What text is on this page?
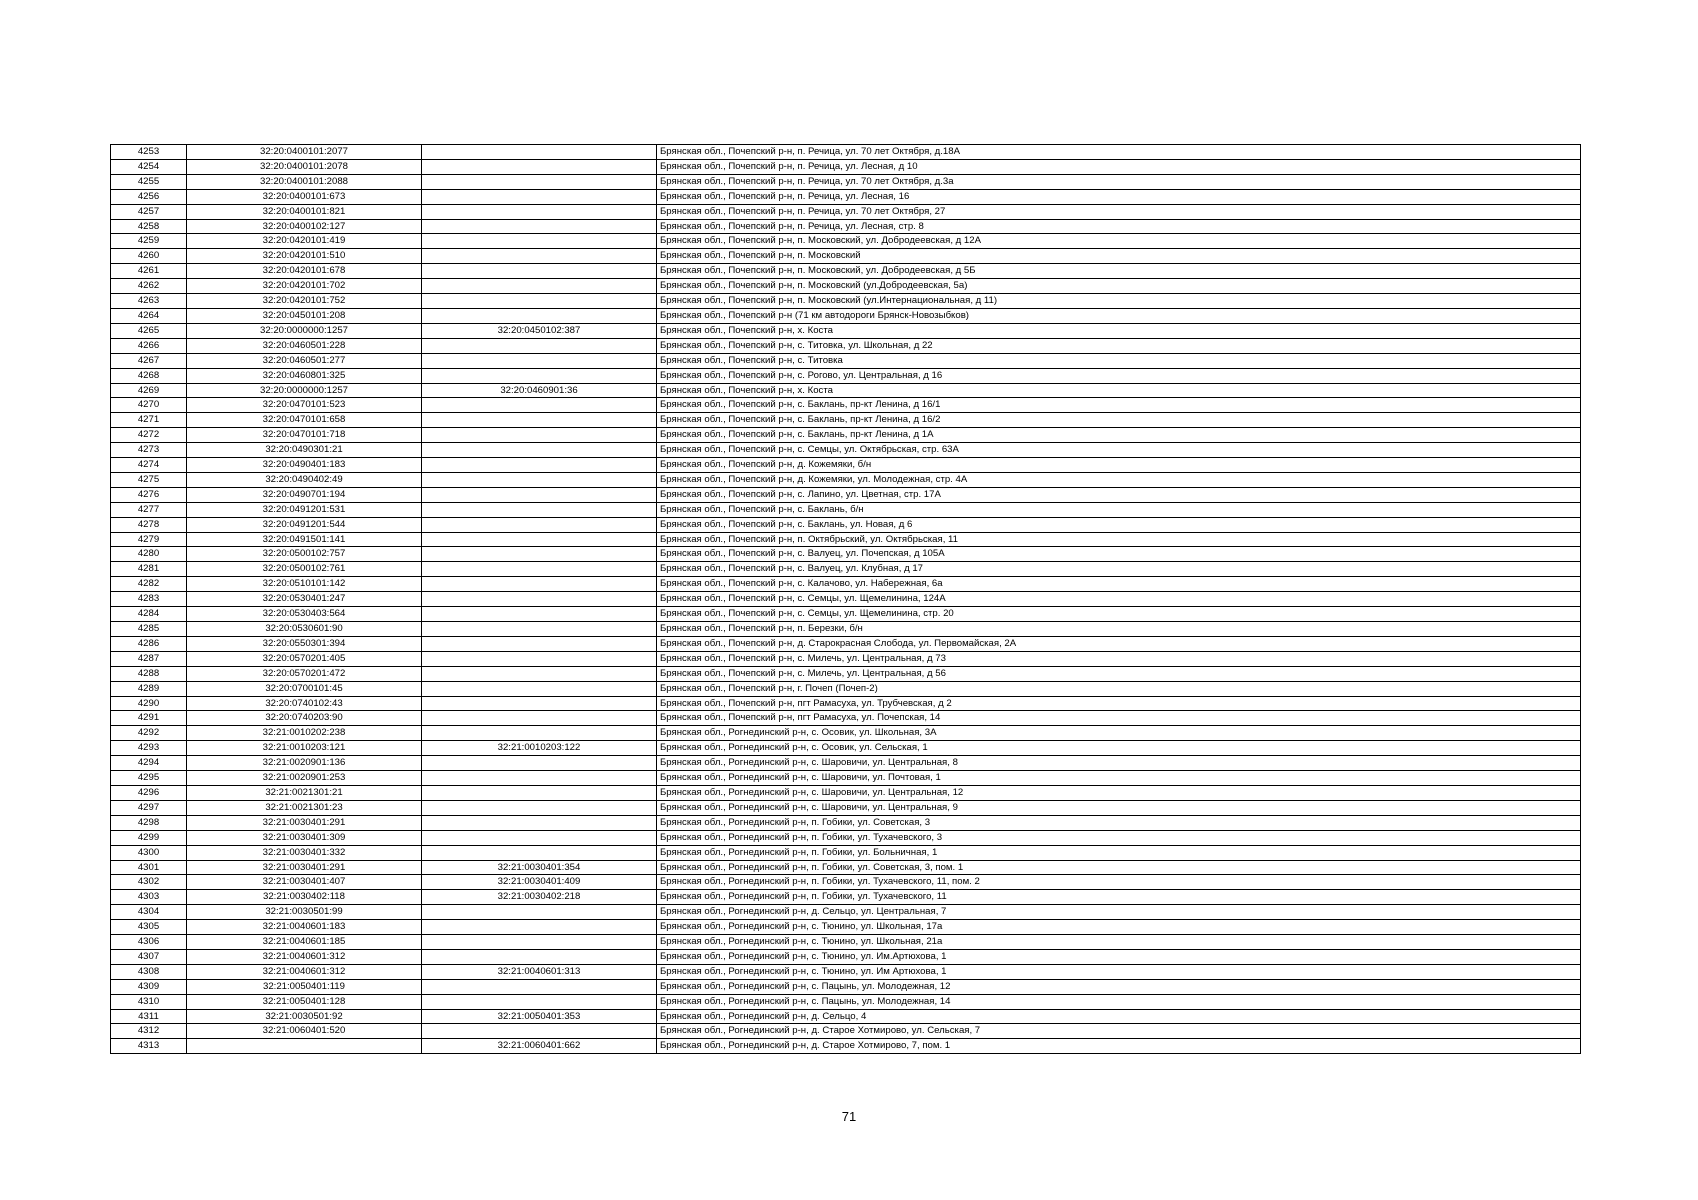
4253	32:20:0400101:2077		Брянская обл., Почепский р-н, п. Речица, ул. 70 лет Октября, д.18А
4254	32:20:0400101:2078		Брянская обл., Почепский р-н, п. Речица, ул. Лесная, д 10
4255	32:20:0400101:2088		Брянская обл., Почепский р-н, п. Речица, ул. 70 лет Октября, д.3а
4256	32:20:0400101:673		Брянская обл., Почепский р-н, п. Речица, ул. Лесная, 16
4257	32:20:0400101:821		Брянская обл., Почепский р-н, п. Речица, ул. 70 лет Октября, 27
4258	32:20:0400102:127		Брянская обл., Почепский р-н, п. Речица, ул. Лесная, стр. 8
4259	32:20:0420101:419		Брянская обл., Почепский р-н, п. Московский, ул. Добродеевская, д 12А
4260	32:20:0420101:510		Брянская обл., Почепский р-н, п. Московский
4261	32:20:0420101:678		Брянская обл., Почепский р-н, п. Московский, ул. Добродеевская, д 5Б
4262	32:20:0420101:702		Брянская обл., Почепский р-н, п. Московский (ул.Добродеевская, 5а)
4263	32:20:0420101:752		Брянская обл., Почепский р-н, п. Московский (ул.Интернациональная, д 11)
4264	32:20:0450101:208		Брянская обл., Почепский р-н (71 км автодороги Брянск-Новозыбков)
4265	32:20:0000000:1257	32:20:0450102:387	Брянская обл., Почепский р-н, х. Коста
4266	32:20:0460501:228		Брянская обл., Почепский р-н, с. Титовка, ул. Школьная, д 22
4267	32:20:0460501:277		Брянская обл., Почепский р-н, с. Титовка
4268	32:20:0460801:325		Брянская обл., Почепский р-н, с. Рогово, ул. Центральная, д 16
4269	32:20:0000000:1257	32:20:0460901:36	Брянская обл., Почепский р-н, х. Коста
4270	32:20:0470101:523		Брянская обл., Почепский р-н, с. Баклань, пр-кт Ленина, д 16/1
4271	32:20:0470101:658		Брянская обл., Почепский р-н, с. Баклань, пр-кт Ленина, д 16/2
4272	32:20:0470101:718		Брянская обл., Почепский р-н, с. Баклань, пр-кт Ленина, д 1А
4273	32:20:0490301:21		Брянская обл., Почепский р-н, с. Семцы, ул. Октябрьская, стр. 63А
4274	32:20:0490401:183		Брянская обл., Почепский р-н, д. Кожемяки, б/н
4275	32:20:0490402:49		Брянская обл., Почепский р-н, д. Кожемяки, ул. Молодежная, стр. 4А
4276	32:20:0490701:194		Брянская обл., Почепский р-н, с. Лапино, ул. Цветная, стр. 17А
4277	32:20:0491201:531		Брянская обл., Почепский р-н, с. Баклань, б/н
4278	32:20:0491201:544		Брянская обл., Почепский р-н, с. Баклань, ул. Новая, д 6
4279	32:20:0491501:141		Брянская обл., Почепский р-н, п. Октябрьский, ул. Октябрьская, 11
4280	32:20:0500102:757		Брянская обл., Почепский р-н, с. Валуец, ул. Почепская, д 105А
4281	32:20:0500102:761		Брянская обл., Почепский р-н, с. Валуец, ул. Клубная, д 17
4282	32:20:0510101:142		Брянская обл., Почепский р-н, с. Калачово, ул. Набережная, 6а
4283	32:20:0530401:247		Брянская обл., Почепский р-н, с. Семцы, ул. Щемелинина, 124А
4284	32:20:0530403:564		Брянская обл., Почепский р-н, с. Семцы, ул. Щемелинина, стр. 20
4285	32:20:0530601:90		Брянская обл., Почепский р-н, п. Березки, б/н
4286	32:20:0550301:394		Брянская обл., Почепский р-н, д. Старокрасная Слобода, ул. Первомайская, 2А
4287	32:20:0570201:405		Брянская обл., Почепский р-н, с. Милечь, ул. Центральная, д 73
4288	32:20:0570201:472		Брянская обл., Почепский р-н, с. Милечь, ул. Центральная, д 56
4289	32:20:0700101:45		Брянская обл., Почепский р-н, г. Почеп (Почеп-2)
4290	32:20:0740102:43		Брянская обл., Почепский р-н, пгт Рамасуха, ул. Трубчевская, д 2
4291	32:20:0740203:90		Брянская обл., Почепский р-н, пгт Рамасуха, ул. Почепская, 14
4292	32:21:0010202:238		Брянская обл., Рогнединский р-н, с. Осовик, ул. Школьная, 3А
4293	32:21:0010203:121	32:21:0010203:122	Брянская обл., Рогнединский р-н, с. Осовик, ул. Сельская, 1
4294	32:21:0020901:136		Брянская обл., Рогнединский р-н, с. Шаровичи, ул. Центральная, 8
4295	32:21:0020901:253		Брянская обл., Рогнединский р-н, с. Шаровичи, ул. Почтовая, 1
4296	32:21:0021301:21		Брянская обл., Рогнединский р-н, с. Шаровичи, ул. Центральная, 12
4297	32:21:0021301:23		Брянская обл., Рогнединский р-н, с. Шаровичи, ул. Центральная, 9
4298	32:21:0030401:291		Брянская обл., Рогнединский р-н, п. Гобики, ул. Советская, 3
4299	32:21:0030401:309		Брянская обл., Рогнединский р-н, п. Гобики, ул. Тухачевского, 3
4300	32:21:0030401:332		Брянская обл., Рогнединский р-н, п. Гобики, ул. Больничная, 1
4301	32:21:0030401:291	32:21:0030401:354	Брянская обл., Рогнединский р-н, п. Гобики, ул. Советская, 3, пом. 1
4302	32:21:0030401:407	32:21:0030401:409	Брянская обл., Рогнединский р-н, п. Гобики, ул. Тухачевского, 11, пом. 2
4303	32:21:0030402:118	32:21:0030402:218	Брянская обл., Рогнединский р-н, п. Гобики, ул. Тухачевского, 11
4304	32:21:0030501:99		Брянская обл., Рогнединский р-н, д. Сельцо, ул. Центральная, 7
4305	32:21:0040601:183		Брянская обл., Рогнединский р-н, с. Тюнино, ул. Школьная, 17а
4306	32:21:0040601:185		Брянская обл., Рогнединский р-н, с. Тюнино, ул. Школьная, 21а
4307	32:21:0040601:312		Брянская обл., Рогнединский р-н, с. Тюнино, ул. Им.Артюхова, 1
4308	32:21:0040601:312	32:21:0040601:313	Брянская обл., Рогнединский р-н, с. Тюнино, ул. Им Артюхова, 1
4309	32:21:0050401:119		Брянская обл., Рогнединский р-н, с. Пацынь, ул. Молодежная, 12
4310	32:21:0050401:128		Брянская обл., Рогнединский р-н, с. Пацынь, ул. Молодежная, 14
4311	32:21:0030501:92	32:21:0050401:353	Брянская обл., Рогнединский р-н, д. Сельцо, 4
4312	32:21:0060401:520		Брянская обл., Рогнединский р-н, д. Старое Хотмирово, ул. Сельская, 7
4313		32:21:0060401:662	Брянская обл., Рогнединский р-н, д. Старое Хотмирово, 7, пом. 1
71
